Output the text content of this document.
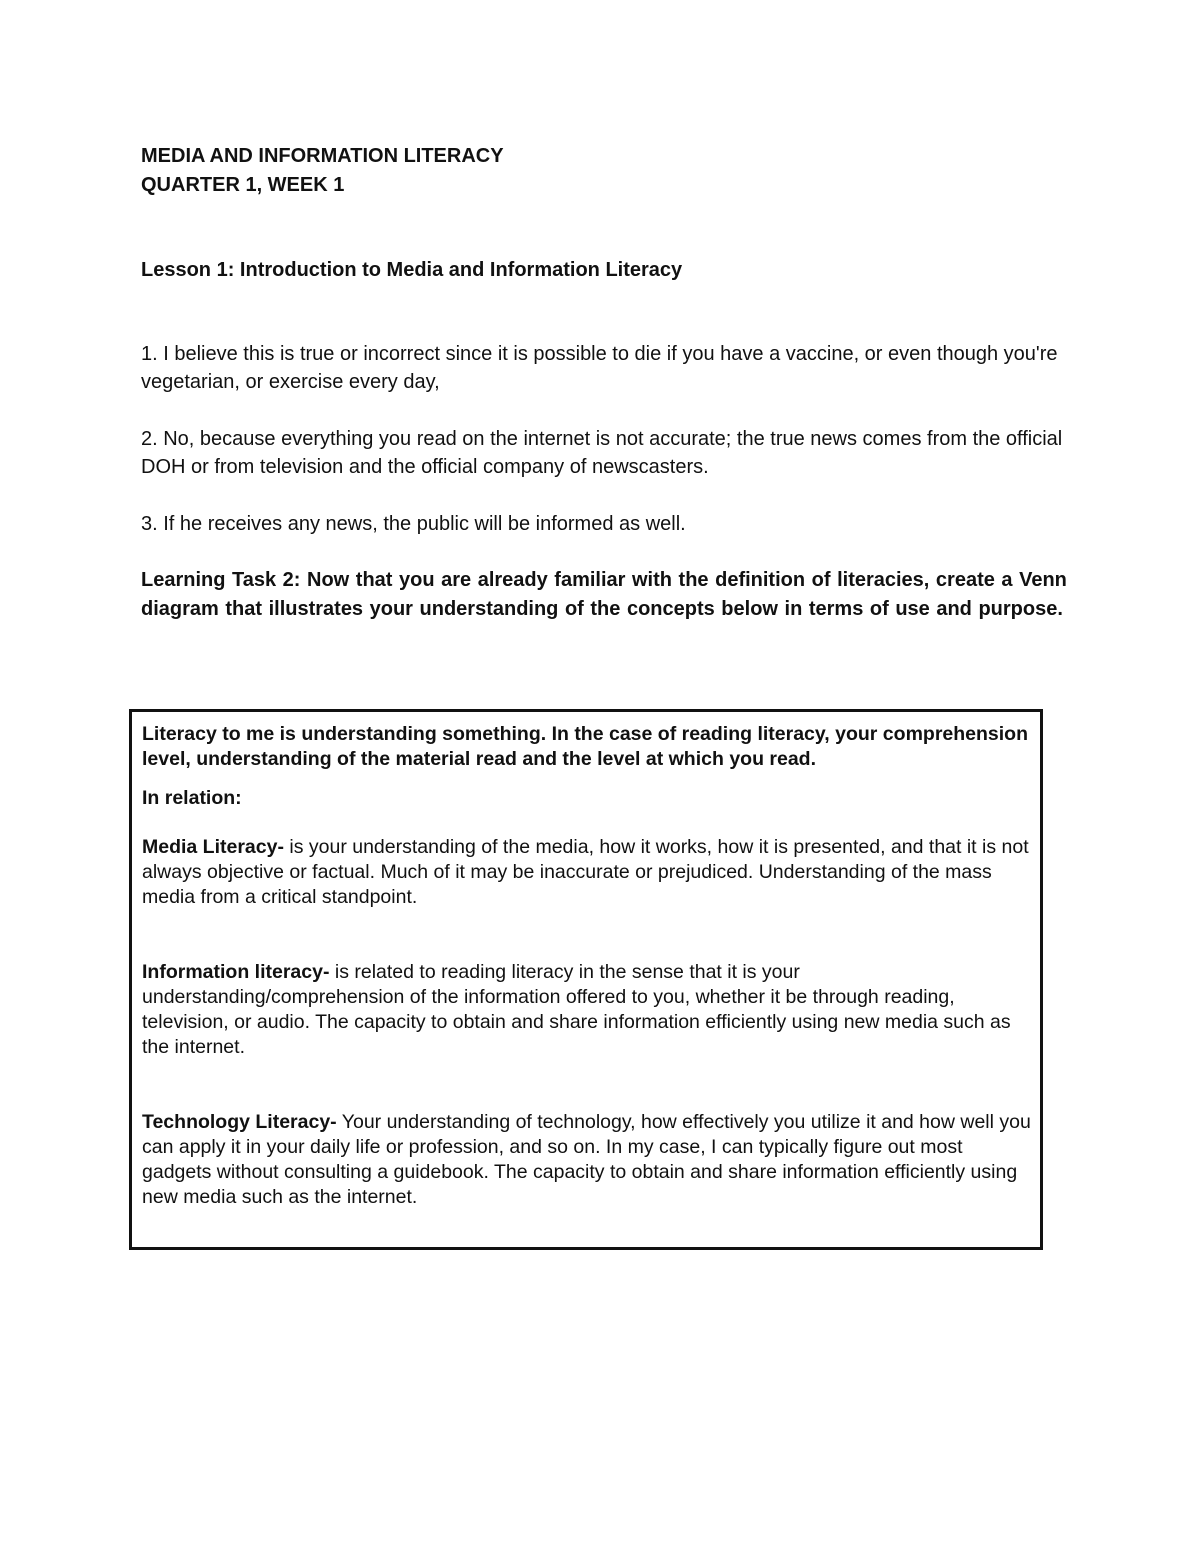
MEDIA AND INFORMATION LITERACY
QUARTER 1, WEEK 1
Lesson 1: Introduction to Media and Information Literacy

1. I believe this is true or incorrect since it is possible to die if you have a vaccine, or even though you're vegetarian, or exercise every day,

2. No, because everything you read on the internet is not accurate; the true news comes from the official DOH or from television and the official company of newscasters.

3. If he receives any news, the public will be informed as well.

Learning Task 2: Now that you are already familiar with the definition of literacies, create a Venn diagram that illustrates your understanding of the concepts below in terms of use and purpose.

Literacy to me is understanding something. In the case of reading literacy, your comprehension level, understanding of the material read and the level at which you read.

In relation:

Media Literacy- is your understanding of the media, how it works, how it is presented, and that it is not always objective or factual. Much of it may be inaccurate or prejudiced. Understanding of the mass media from a critical standpoint.

Information literacy- is related to reading literacy in the sense that it is your understanding/comprehension of the information offered to you, whether it be through reading, television, or audio. The capacity to obtain and share information efficiently using new media such as the internet.

Technology Literacy- Your understanding of technology, how effectively you utilize it and how well you can apply it in your daily life or profession, and so on. In my case, I can typically figure out most gadgets without consulting a guidebook. The capacity to obtain and share information efficiently using new media such as the internet.
